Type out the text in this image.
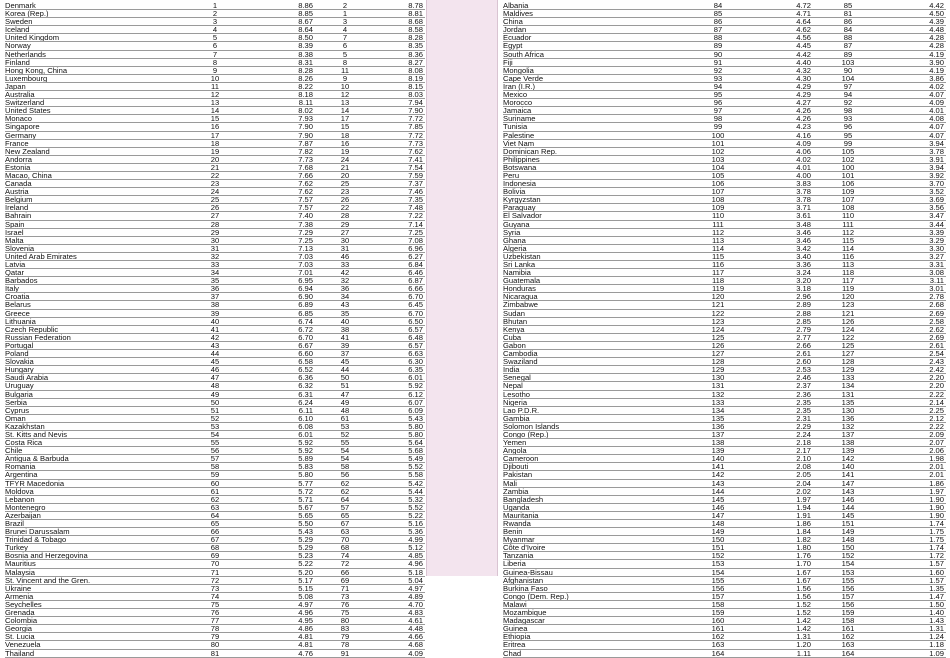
Denmark	1	8.86	2	8.78
Korea (Rep.)	2	8.85	1	8.81
Sweden	3	8.67	3	8.68
Iceland	4	8.64	4	8.58
United Kingdom	5	8.50	7	8.28
Norway	6	8.39	6	8.35
Netherlands	7	8.38	5	8.36
Finland	8	8.31	8	8.27
Hong Kong, China	9	8.28	11	8.08
Luxembourg	10	8.26	9	8.19
Japan	11	8.22	10	8.15
Australia	12	8.18	12	8.03
Switzerland	13	8.11	13	7.94
United States	14	8.02	14	7.90
Monaco	15	7.93	17	7.72
Singapore	16	7.90	15	7.85
Germany	17	7.90	18	7.72
France	18	7.87	16	7.73
New Zealand	19	7.82	19	7.62
Andorra	20	7.73	24	7.41
Estonia	21	7.68	21	7.54
Macao, China	22	7.66	20	7.59
Canada	23	7.62	25	7.37
Austria	24	7.62	23	7.46
Belgium	25	7.57	26	7.35
Ireland	26	7.57	22	7.48
Bahrain	27	7.40	28	7.22
Spain	28	7.38	29	7.14
Israel	29	7.29	27	7.25
Malta	30	7.25	30	7.08
Slovenia	31	7.13	31	6.96
United Arab Emirates	32	7.03	46	6.27
Latvia	33	7.03	33	6.84
Qatar	34	7.01	42	6.46
Barbados	35	6.95	32	6.87
Italy	36	6.94	36	6.66
Croatia	37	6.90	34	6.70
Belarus	38	6.89	43	6.45
Greece	39	6.85	35	6.70
Lithuania	40	6.74	40	6.50
Czech Republic	41	6.72	38	6.57
Russian Federation	42	6.70	41	6.48
Portugal	43	6.67	39	6.57
Poland	44	6.60	37	6.63
Slovakia	45	6.58	45	6.30
Hungary	46	6.52	44	6.35
Saudi Arabia	47	6.36	50	6.01
Uruguay	48	6.32	51	5.92
Bulgaria	49	6.31	47	6.12
Serbia	50	6.24	49	6.07
Cyprus	51	6.11	48	6.09
Oman	52	6.10	61	5.43
Kazakhstan	53	6.08	53	5.80
St. Kitts and Nevis	54	6.01	52	5.80
Costa Rica	55	5.92	55	5.64
Chile	56	5.92	54	5.68
Antigua & Barbuda	57	5.89	54	5.49
Romania	58	5.83	58	5.52
Argentina	59	5.80	56	5.58
TFYR Macedonia	60	5.77	62	5.42
Moldova	61	5.72	62	5.44
Lebanon	62	5.71	64	5.32
Montenegro	63	5.67	57	5.52
Azerbaijan	64	5.65	65	5.22
Brazil	65	5.50	67	5.16
Brunei Darussalam	66	5.43	63	5.36
Trinidad & Tobago	67	5.29	70	4.99
Turkey	68	5.29	68	5.12
Bosnia and Herzegovina	69	5.23	74	4.85
Mauritius	70	5.22	72	4.96
Malaysia	71	5.20	66	5.18
St. Vincent and the Gren.	72	5.17	69	5.04
Ukraine	73	5.15	71	4.97
Armenia	74	5.08	73	4.89
Seychelles	75	4.97	76	4.70
Grenada	76	4.96	75	4.83
Colombia	77	4.95	80	4.61
Georgia	78	4.86	83	4.48
St. Lucia	79	4.81	79	4.66
Venezuela	80	4.81	78	4.68
Thailand	81	4.76	91	4.09
Albania	84	4.72	85	4.42
Maldives	85	4.71	81	4.50
China	86	4.64	86	4.39
Jordan	87	4.62	84	4.48
Ecuador	88	4.56	88	4.28
Egypt	89	4.45	87	4.28
South Africa	90	4.42	89	4.19
Fiji	91	4.40	103	3.90
Mongolia	92	4.32	90	4.19
Cape Verde	93	4.30	104	3.86
Iran (I.R.)	94	4.29	97	4.02
Mexico	95	4.29	94	4.07
Morocco	96	4.27	92	4.09
Jamaica	97	4.26	98	4.01
Suriname	98	4.26	93	4.08
Tunisia	99	4.23	96	4.07
Palestine	100	4.16	95	4.07
Viet Nam	101	4.09	99	3.94
Dominican Rep.	102	4.06	105	3.78
Philippines	103	4.02	102	3.91
Botswana	104	4.01	100	3.94
Peru	105	4.00	101	3.92
Indonesia	106	3.83	106	3.70
Bolivia	107	3.78	109	3.52
Kyrgyzstan	108	3.78	107	3.69
Paraguay	109	3.71	108	3.56
El Salvador	110	3.61	110	3.47
Guyana	111	3.48	111	3.44
Syria	112	3.46	112	3.39
Ghana	113	3.46	115	3.29
Algeria	114	3.42	114	3.30
Uzbekistan	115	3.40	116	3.27
Sri Lanka	116	3.36	113	3.31
Namibia	117	3.24	118	3.08
Guatemala	118	3.20	117	3.11
Honduras	119	3.18	119	3.01
Nicaragua	120	2.96	120	2.78
Zimbabwe	121	2.89	123	2.68
Sudan	122	2.88	121	2.69
Bhutan	123	2.85	126	2.58
Kenya	124	2.79	124	2.62
Cuba	125	2.77	122	2.69
Gabon	126	2.66	125	2.61
Cambodia	127	2.61	127	2.54
Swaziland	128	2.60	128	2.43
India	129	2.53	129	2.42
Senegal	130	2.46	133	2.20
Nepal	131	2.37	134	2.20
Lesotho	132	2.36	131	2.22
Nigeria	133	2.35	135	2.14
Lao P.D.R.	134	2.35	130	2.25
Gambia	135	2.31	136	2.12
Solomon Islands	136	2.29	132	2.22
Congo (Rep.)	137	2.24	137	2.09
Yemen	138	2.18	138	2.07
Angola	139	2.17	139	2.06
Cameroon	140	2.10	142	1.98
Djibouti	141	2.08	140	2.01
Pakistan	142	2.05	141	2.01
Mali	143	2.04	147	1.86
Zambia	144	2.02	143	1.97
Bangladesh	145	1.97	146	1.90
Uganda	146	1.94	144	1.90
Mauritania	147	1.91	145	1.90
Rwanda	148	1.86	151	1.74
Benin	149	1.84	149	1.75
Myanmar	150	1.82	148	1.75
Côte d'Ivoire	151	1.80	150	1.74
Tanzania	152	1.76	152	1.72
Liberia	153	1.70	154	1.57
Guinea-Bissau	154	1.67	153	1.60
Afghanistan	155	1.67	155	1.57
Burkina Faso	156	1.56	156	1.35
Congo (Dem. Rep.)	157	1.56	157	1.47
Malawi	158	1.52	156	1.50
Mozambique	159	1.52	159	1.40
Madagascar	160	1.42	158	1.43
Guinea	161	1.42	161	1.31
Ethiopia	162	1.31	162	1.24
Eritrea	163	1.20	163	1.18
Chad	164	1.11	164	1.09
